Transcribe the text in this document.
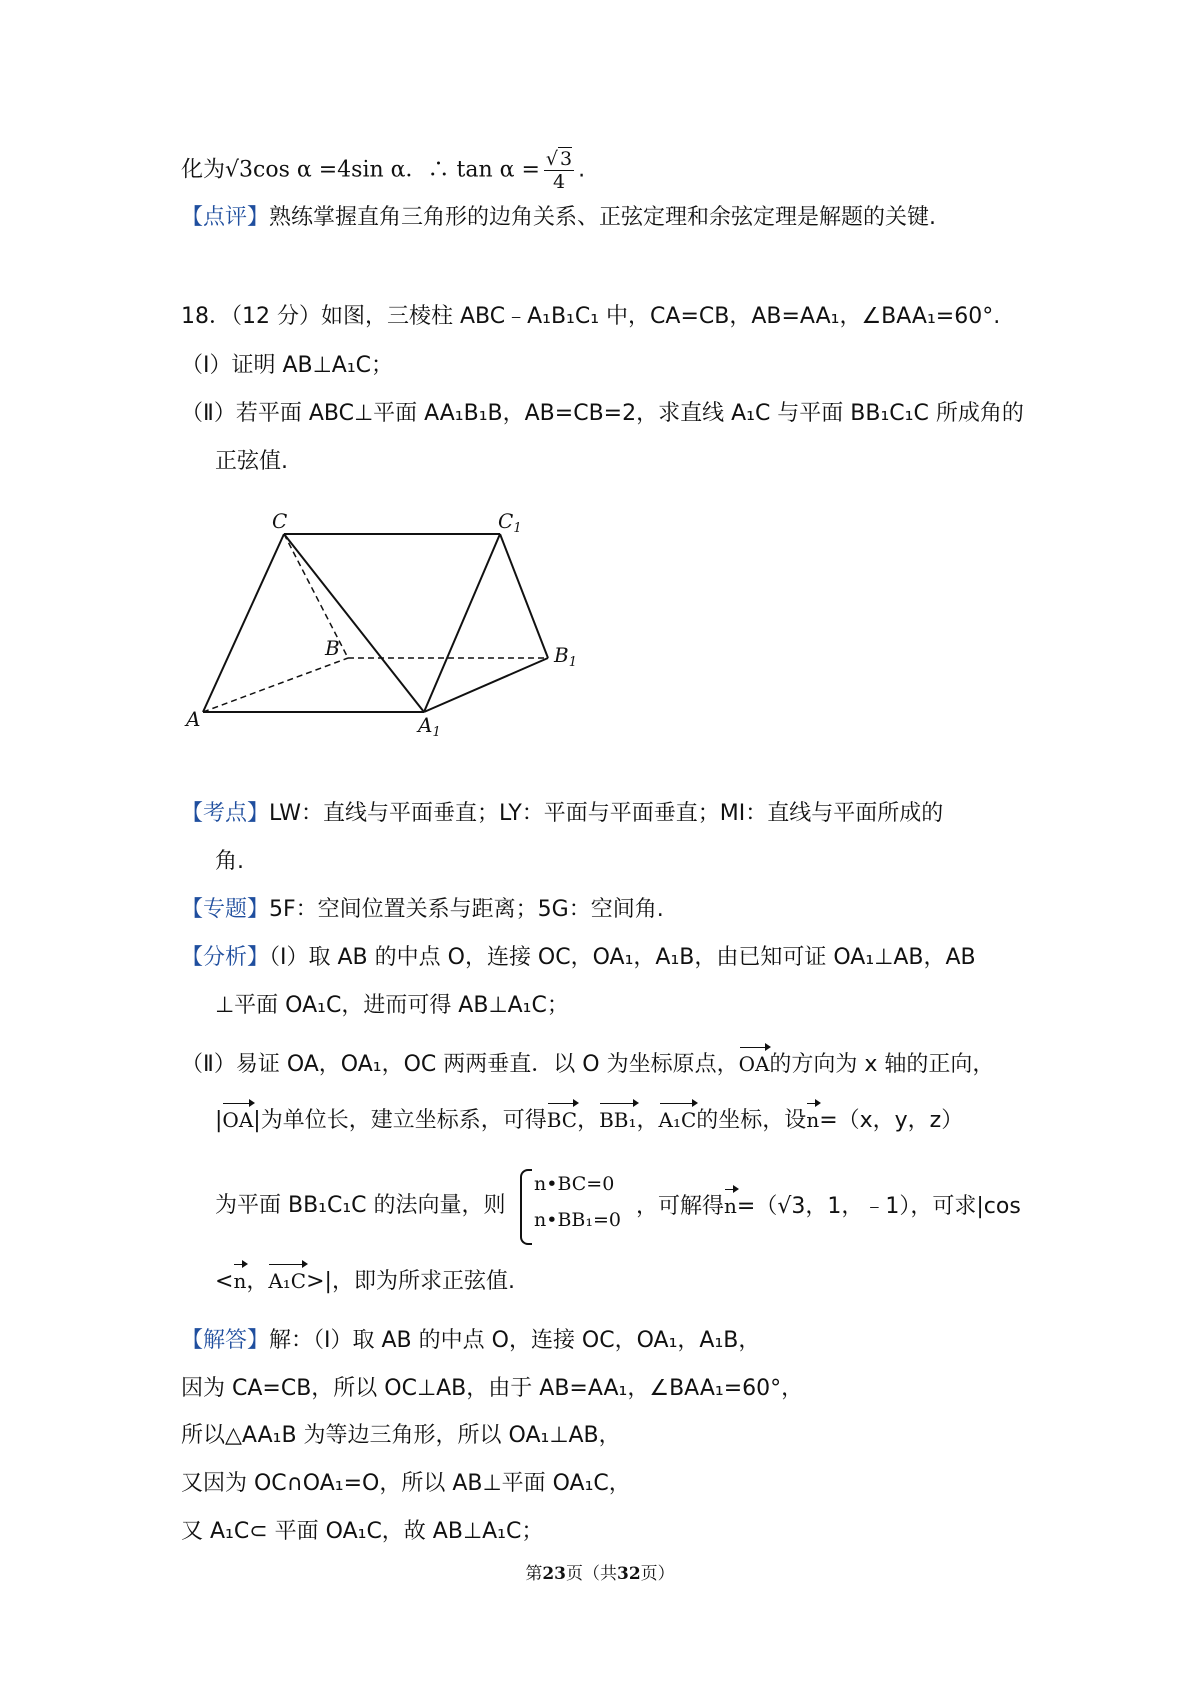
化为√3cos α =4sin α．∴ $\tan \alpha = \frac{√ 3}{4}$ .
【点评】熟练掌握直角三角形的边角关系、正弦定理和余弦定理是解题的关键.
18．（12 分）如图，三棱柱 ABC﹣A₁B₁C₁ 中，CA=CB，AB=AA₁，∠BAA₁=60°.
（Ⅰ）证明 AB⊥A₁C；
（Ⅱ）若平面 ABC⊥平面 AA₁B₁B，AB=CB=2，求直线 A₁C 与平面 BB₁C₁C 所成角的
正弦值.
C	$C_1$
B	$B_1$
A	$A_1$
【考点】LW：直线与平面垂直；LY：平面与平面垂直；MI：直线与平面所成的
角.
【专题】5F：空间位置关系与距离；5G：空间角.
【分析】（Ⅰ）取 AB 的中点 O，连接 OC，OA₁，A₁B，由已知可证 OA₁⊥AB，AB
⊥平面 OA₁C，进而可得 AB⊥A₁C；
（Ⅱ）易证 OA，OA₁，OC 两两垂直．以 O 为坐标原点，OA的方向为 x 轴的正向，
|OA|为单位长，建立坐标系，可得BC，BB₁，A₁C的坐标，设n=（x，y，z）
为平面 BB₁C₁C 的法向量，则
n•BC=0
n•BB₁=0
，可解得n=（√3，1，﹣1），可求|cos
<n，A₁C>|，即为所求正弦值.
【解答】解：（Ⅰ）取 AB 的中点 O，连接 OC，OA₁，A₁B，
因为 CA=CB，所以 OC⊥AB，由于 AB=AA₁，∠BAA₁=60°，
所以△AA₁B 为等边三角形，所以 OA₁⊥AB，
又因为 OC∩OA₁=O，所以 AB⊥平面 OA₁C，
又 A₁C⊂ 平面 OA₁C，故 AB⊥A₁C；
第23页（共32页）
